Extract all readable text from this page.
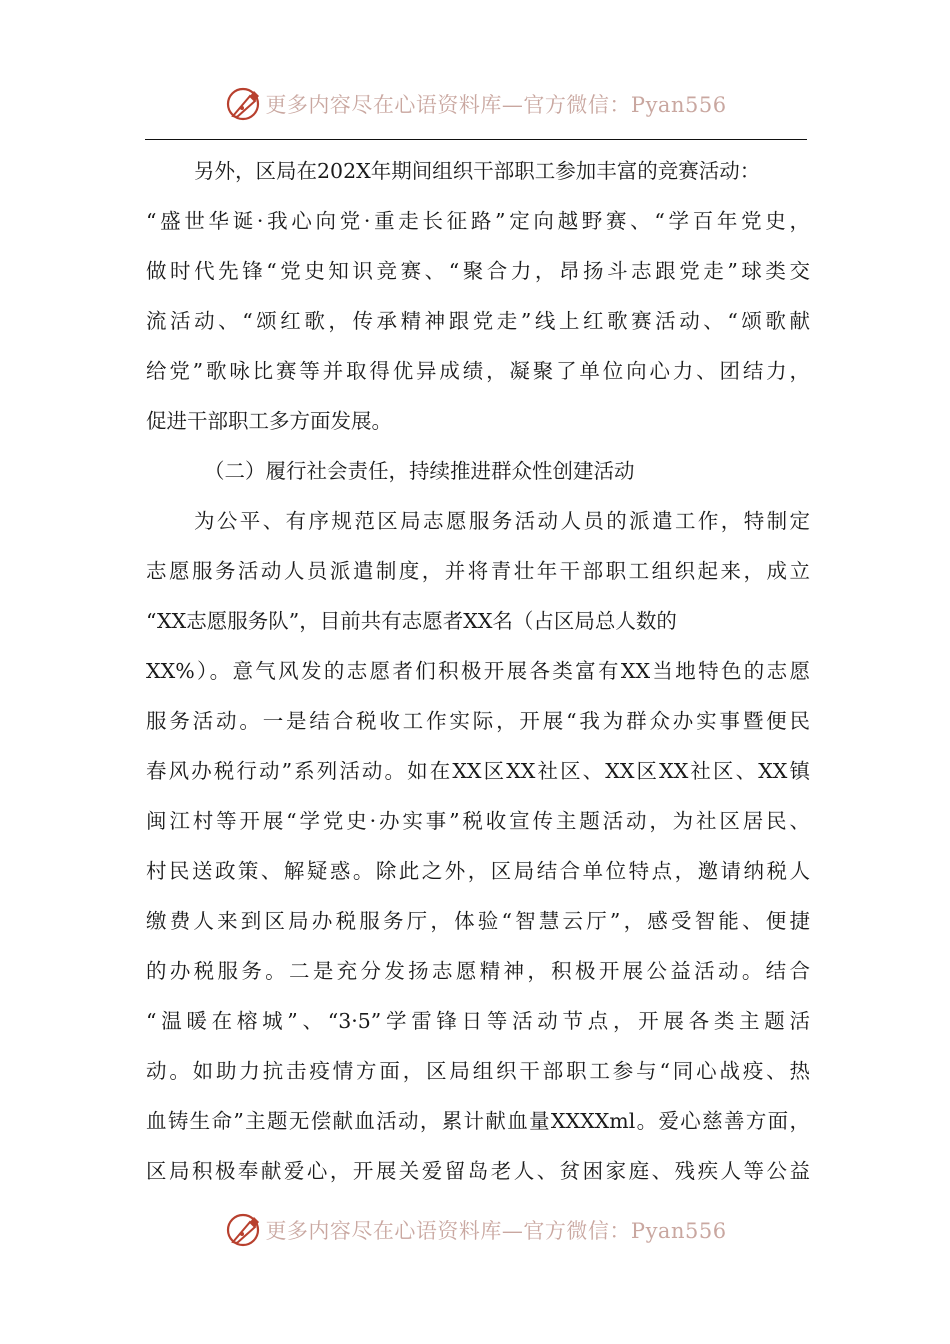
更多内容尽在心语资料库—官方微信：Pyan556
另外，区局在202X年期间组织干部职工参加丰富的竞赛活动：
“盛世华诞·我心向党·重走长征路”定向越野赛、“学百年党史，
做时代先锋“党史知识竞赛、“聚合力，昂扬斗志跟党走”球类交
流活动、“颂红歌，传承精神跟党走”线上红歌赛活动、“颂歌献
给党”歌咏比赛等并取得优异成绩，凝聚了单位向心力、团结力，
促进干部职工多方面发展。
（二）履行社会责任，持续推进群众性创建活动
为公平、有序规范区局志愿服务活动人员的派遣工作，特制定
志愿服务活动人员派遣制度，并将青壮年干部职工组织起来，成立
“XX志愿服务队”，目前共有志愿者XX名（占区局总人数的
XX%）。意气风发的志愿者们积极开展各类富有XX当地特色的志愿
服务活动。一是结合税收工作实际，开展“我为群众办实事暨便民
春风办税行动”系列活动。如在XX区XX社区、XX区XX社区、XX镇
闽江村等开展“学党史·办实事”税收宣传主题活动，为社区居民、
村民送政策、解疑惑。除此之外，区局结合单位特点，邀请纳税人
缴费人来到区局办税服务厅，体验“智慧云厅”，感受智能、便捷
的办税服务。二是充分发扬志愿精神，积极开展公益活动。结合
“温暖在榕城”、“3·5”学雷锋日等活动节点，开展各类主题活
动。如助力抗击疫情方面，区局组织干部职工参与“同心战疫、热
血铸生命”主题无偿献血活动，累计献血量XXXXml。爱心慈善方面，
区局积极奉献爱心，开展关爱留岛老人、贫困家庭、残疾人等公益
更多内容尽在心语资料库—官方微信：Pyan556
